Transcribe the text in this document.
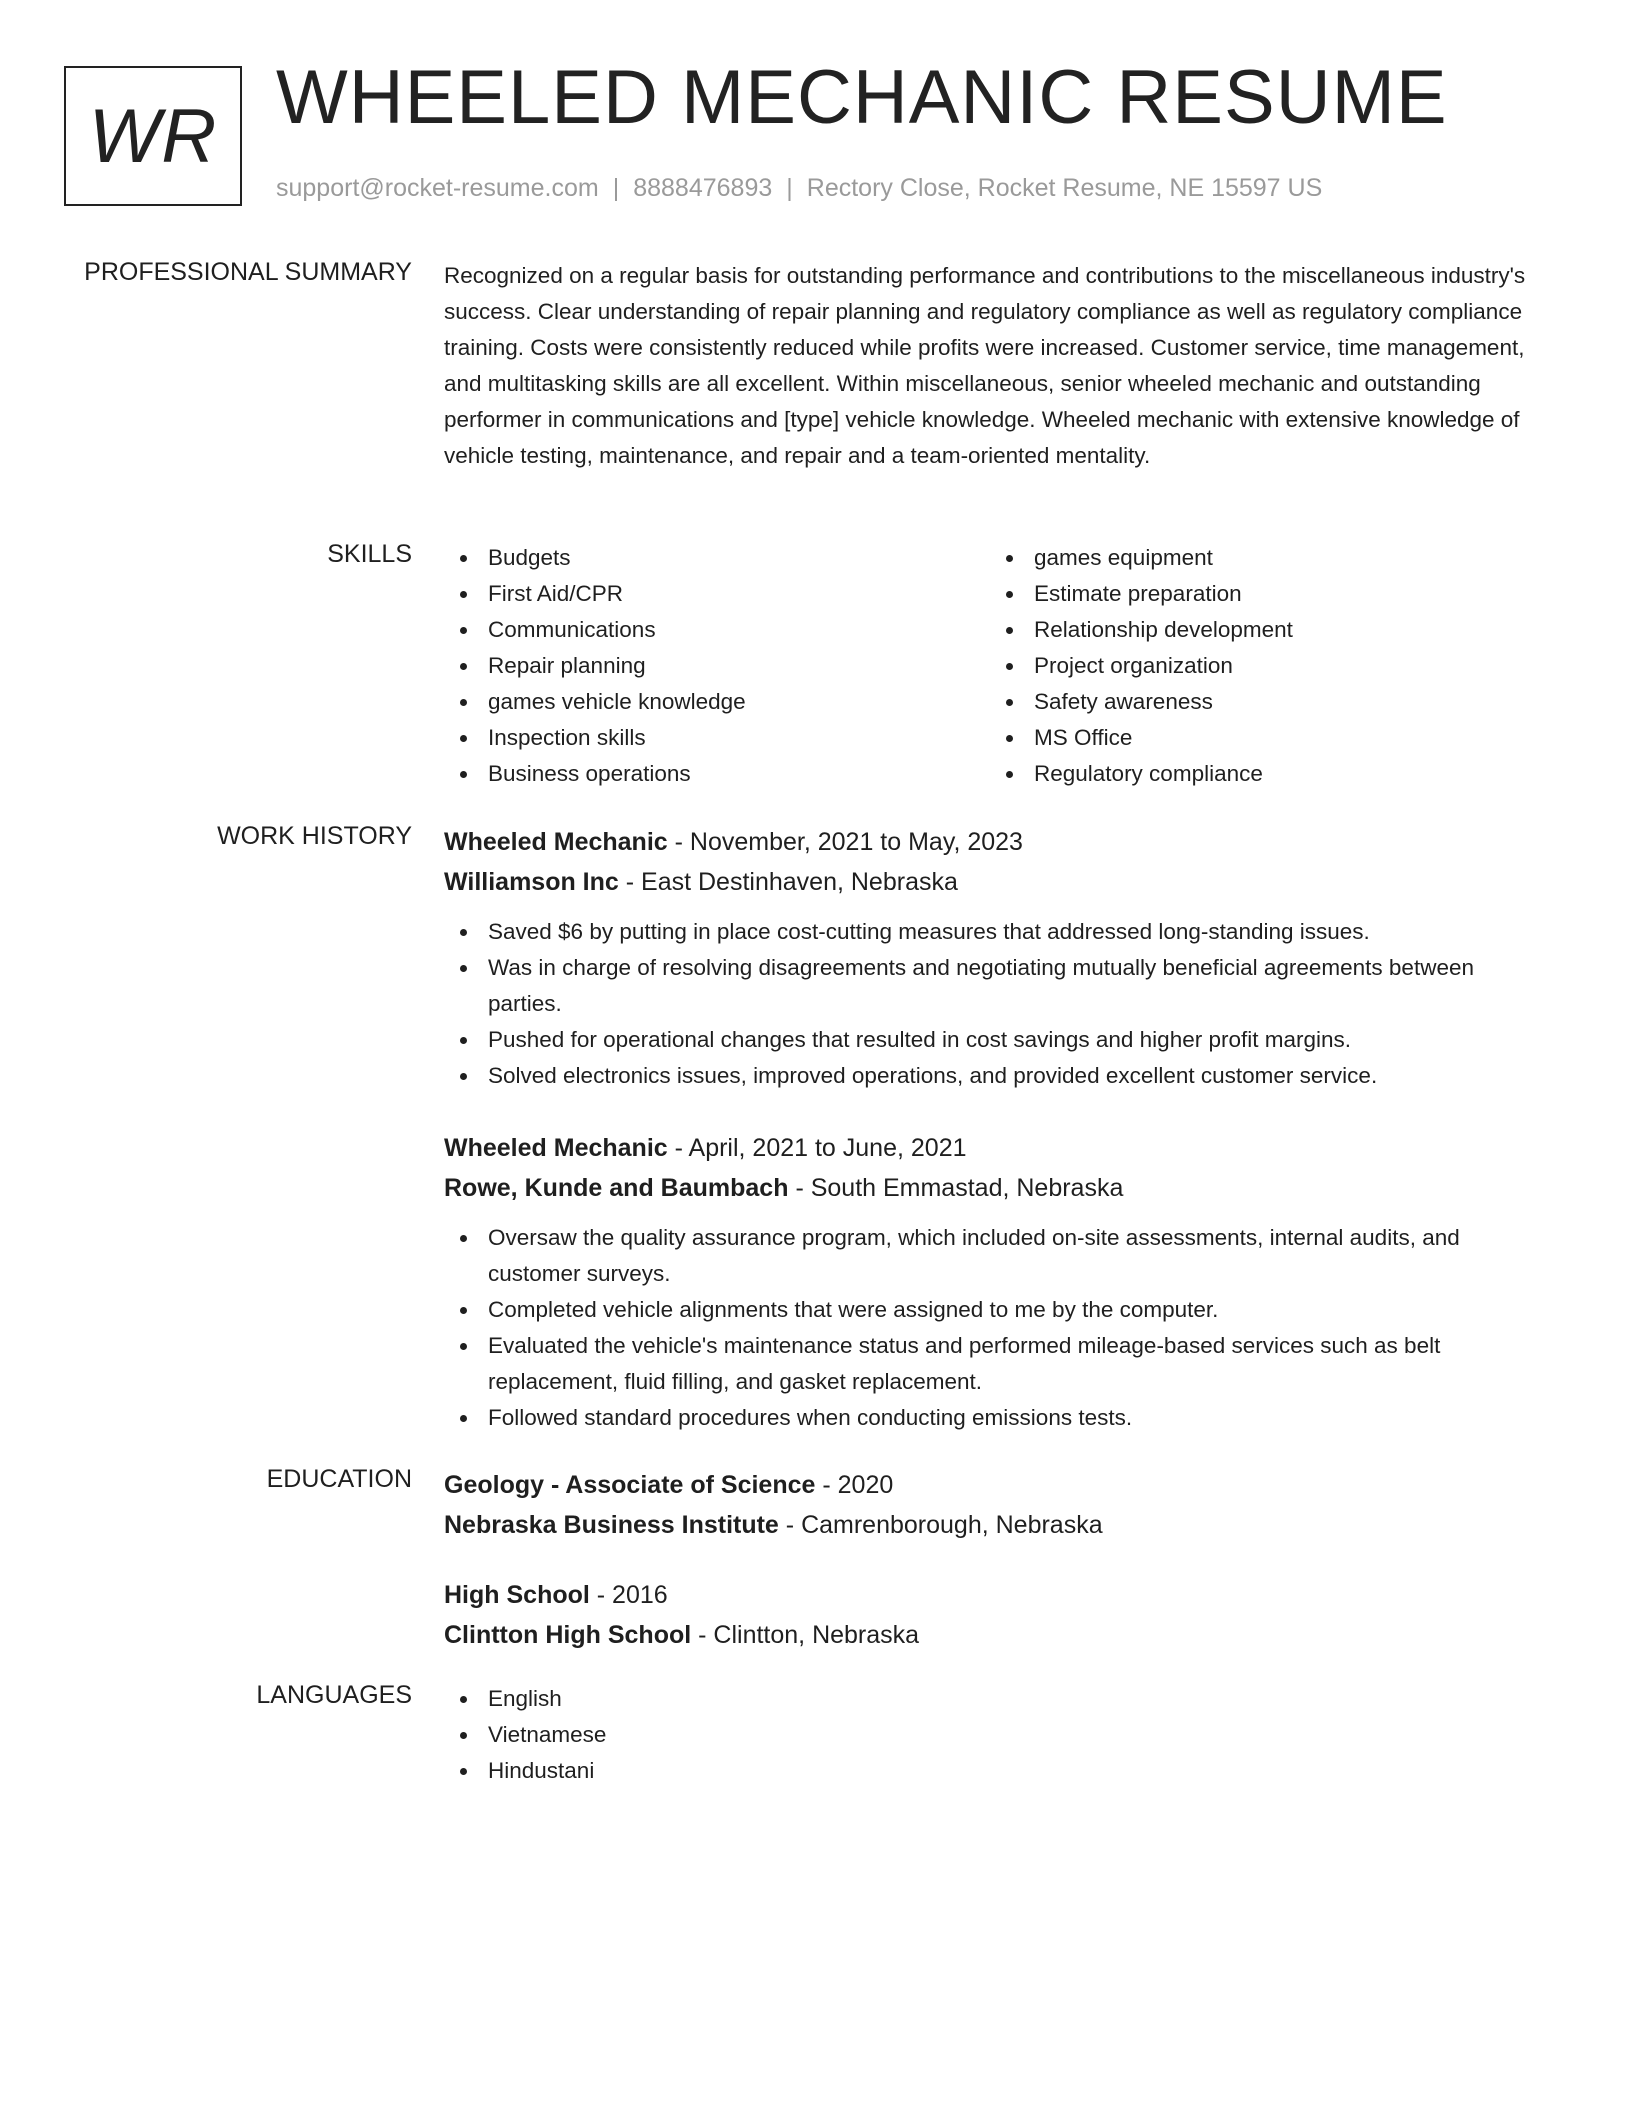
WR WHEELED MECHANIC RESUME
support@rocket-resume.com | 8888476893 | Rectory Close, Rocket Resume, NE 15597 US
PROFESSIONAL SUMMARY Recognized on a regular basis for outstanding performance and contributions to the miscellaneous industry's success. Clear understanding of repair planning and regulatory compliance as well as regulatory compliance training. Costs were consistently reduced while profits were increased. Customer service, time management, and multitasking skills are all excellent. Within miscellaneous, senior wheeled mechanic and outstanding performer in communications and [type] vehicle knowledge. Wheeled mechanic with extensive knowledge of vehicle testing, maintenance, and repair and a team-oriented mentality.

SKILLS	Budgets
First Aid/CPR
Communications
Repair planning
games vehicle knowledge
Inspection skills
Business operations
games equipment
Estimate preparation
Relationship development
Project organization
Safety awareness
MS Office
Regulatory compliance
WORK HISTORY Wheeled Mechanic - November, 2021 to May, 2023
Williamson Inc - East Destinhaven, Nebraska
Saved $6 by putting in place cost-cutting measures that addressed long-standing issues.
Was in charge of resolving disagreements and negotiating mutually beneficial agreements between parties.
Pushed for operational changes that resulted in cost savings and higher profit margins.
Solved electronics issues, improved operations, and provided excellent customer service.
Wheeled Mechanic - April, 2021 to June, 2021
Rowe, Kunde and Baumbach - South Emmastad, Nebraska
Oversaw the quality assurance program, which included on-site assessments, internal audits, and customer surveys.
Completed vehicle alignments that were assigned to me by the computer.
Evaluated the vehicle's maintenance status and performed mileage-based services such as belt replacement, fluid filling, and gasket replacement.
Followed standard procedures when conducting emissions tests.
EDUCATION Geology - Associate of Science - 2020
Nebraska Business Institute - Camrenborough, Nebraska
High School - 2016
Clintton High School - Clintton, Nebraska
LANGUAGES	English
Vietnamese
Hindustani
